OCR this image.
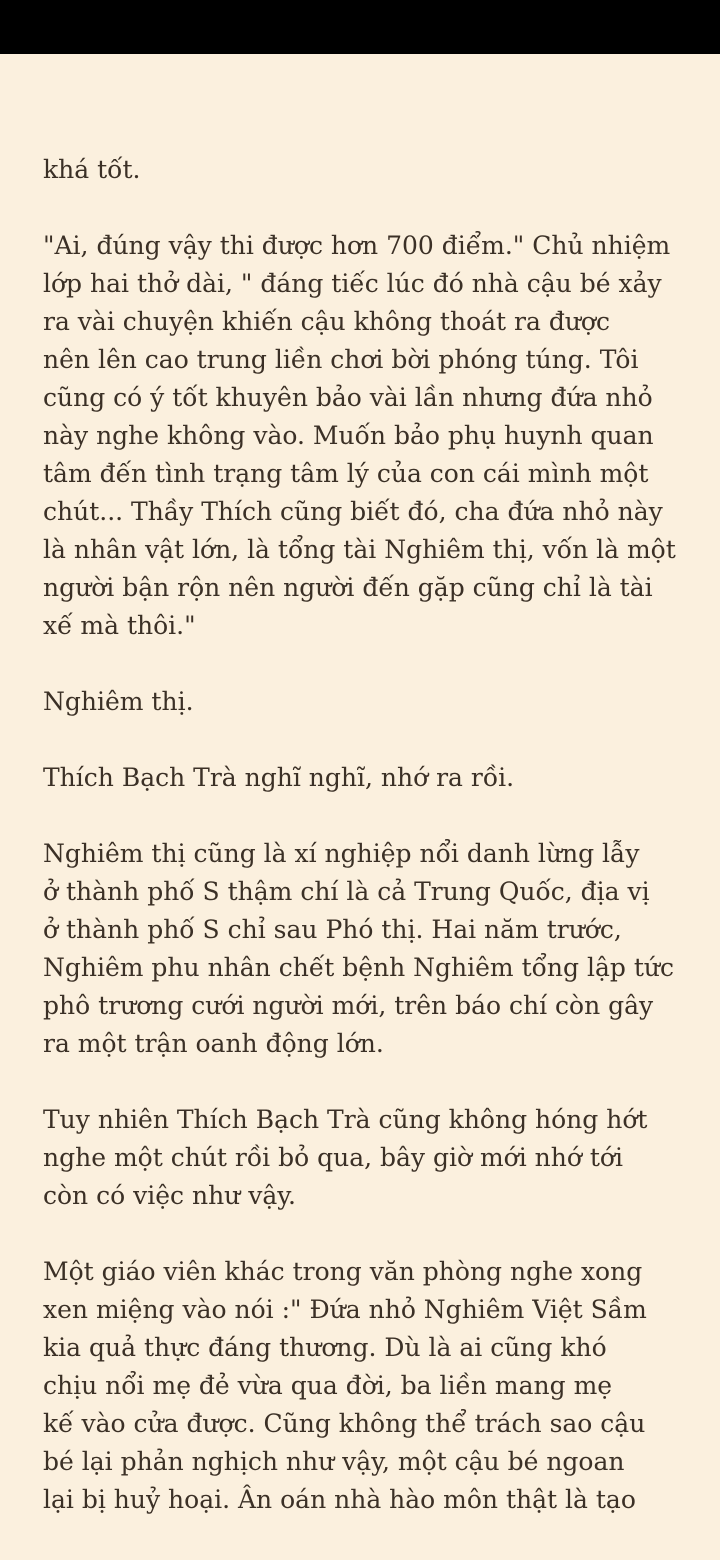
khá tốt.
"Ai, đúng vậy thi được hơn 700 điểm." Chủ nhiệm
lớp hai thở dài, " đáng tiếc lúc đó nhà cậu bé xảy
ra vài chuyện khiến cậu không thoát ra được
nên lên cao trung liền chơi bời phóng túng. Tôi
cũng có ý tốt khuyên bảo vài lần nhưng đứa nhỏ
này nghe không vào. Muốn bảo phụ huynh quan
tâm đến tình trạng tâm lý của con cái mình một
chút... Thầy Thích cũng biết đó, cha đứa nhỏ này
là nhân vật lớn, là tổng tài Nghiêm thị, vốn là một
người bận rộn nên người đến gặp cũng chỉ là tài
xế mà thôi."
Nghiêm thị.
Thích Bạch Trà nghĩ nghĩ, nhớ ra rồi.
Nghiêm thị cũng là xí nghiệp nổi danh lừng lẫy
ở thành phố S thậm chí là cả Trung Quốc, địa vị
ở thành phố S chỉ sau Phó thị. Hai năm trước,
Nghiêm phu nhân chết bệnh Nghiêm tổng lập tức
phô trương cưới người mới, trên báo chí còn gây
ra một trận oanh động lớn.
Tuy nhiên Thích Bạch Trà cũng không hóng hớt
nghe một chút rồi bỏ qua, bây giờ mới nhớ tới
còn có việc như vậy.
Một giáo viên khác trong văn phòng nghe xong
xen miệng vào nói :" Đứa nhỏ Nghiêm Việt Sầm
kia quả thực đáng thương. Dù là ai cũng khó
chịu nổi mẹ đẻ vừa qua đời, ba liền mang mẹ
kế vào cửa được. Cũng không thể trách sao cậu
bé lại phản nghịch như vậy, một cậu bé ngoan
lại bị huỷ hoại. Ân oán nhà hào môn thật là tạo
